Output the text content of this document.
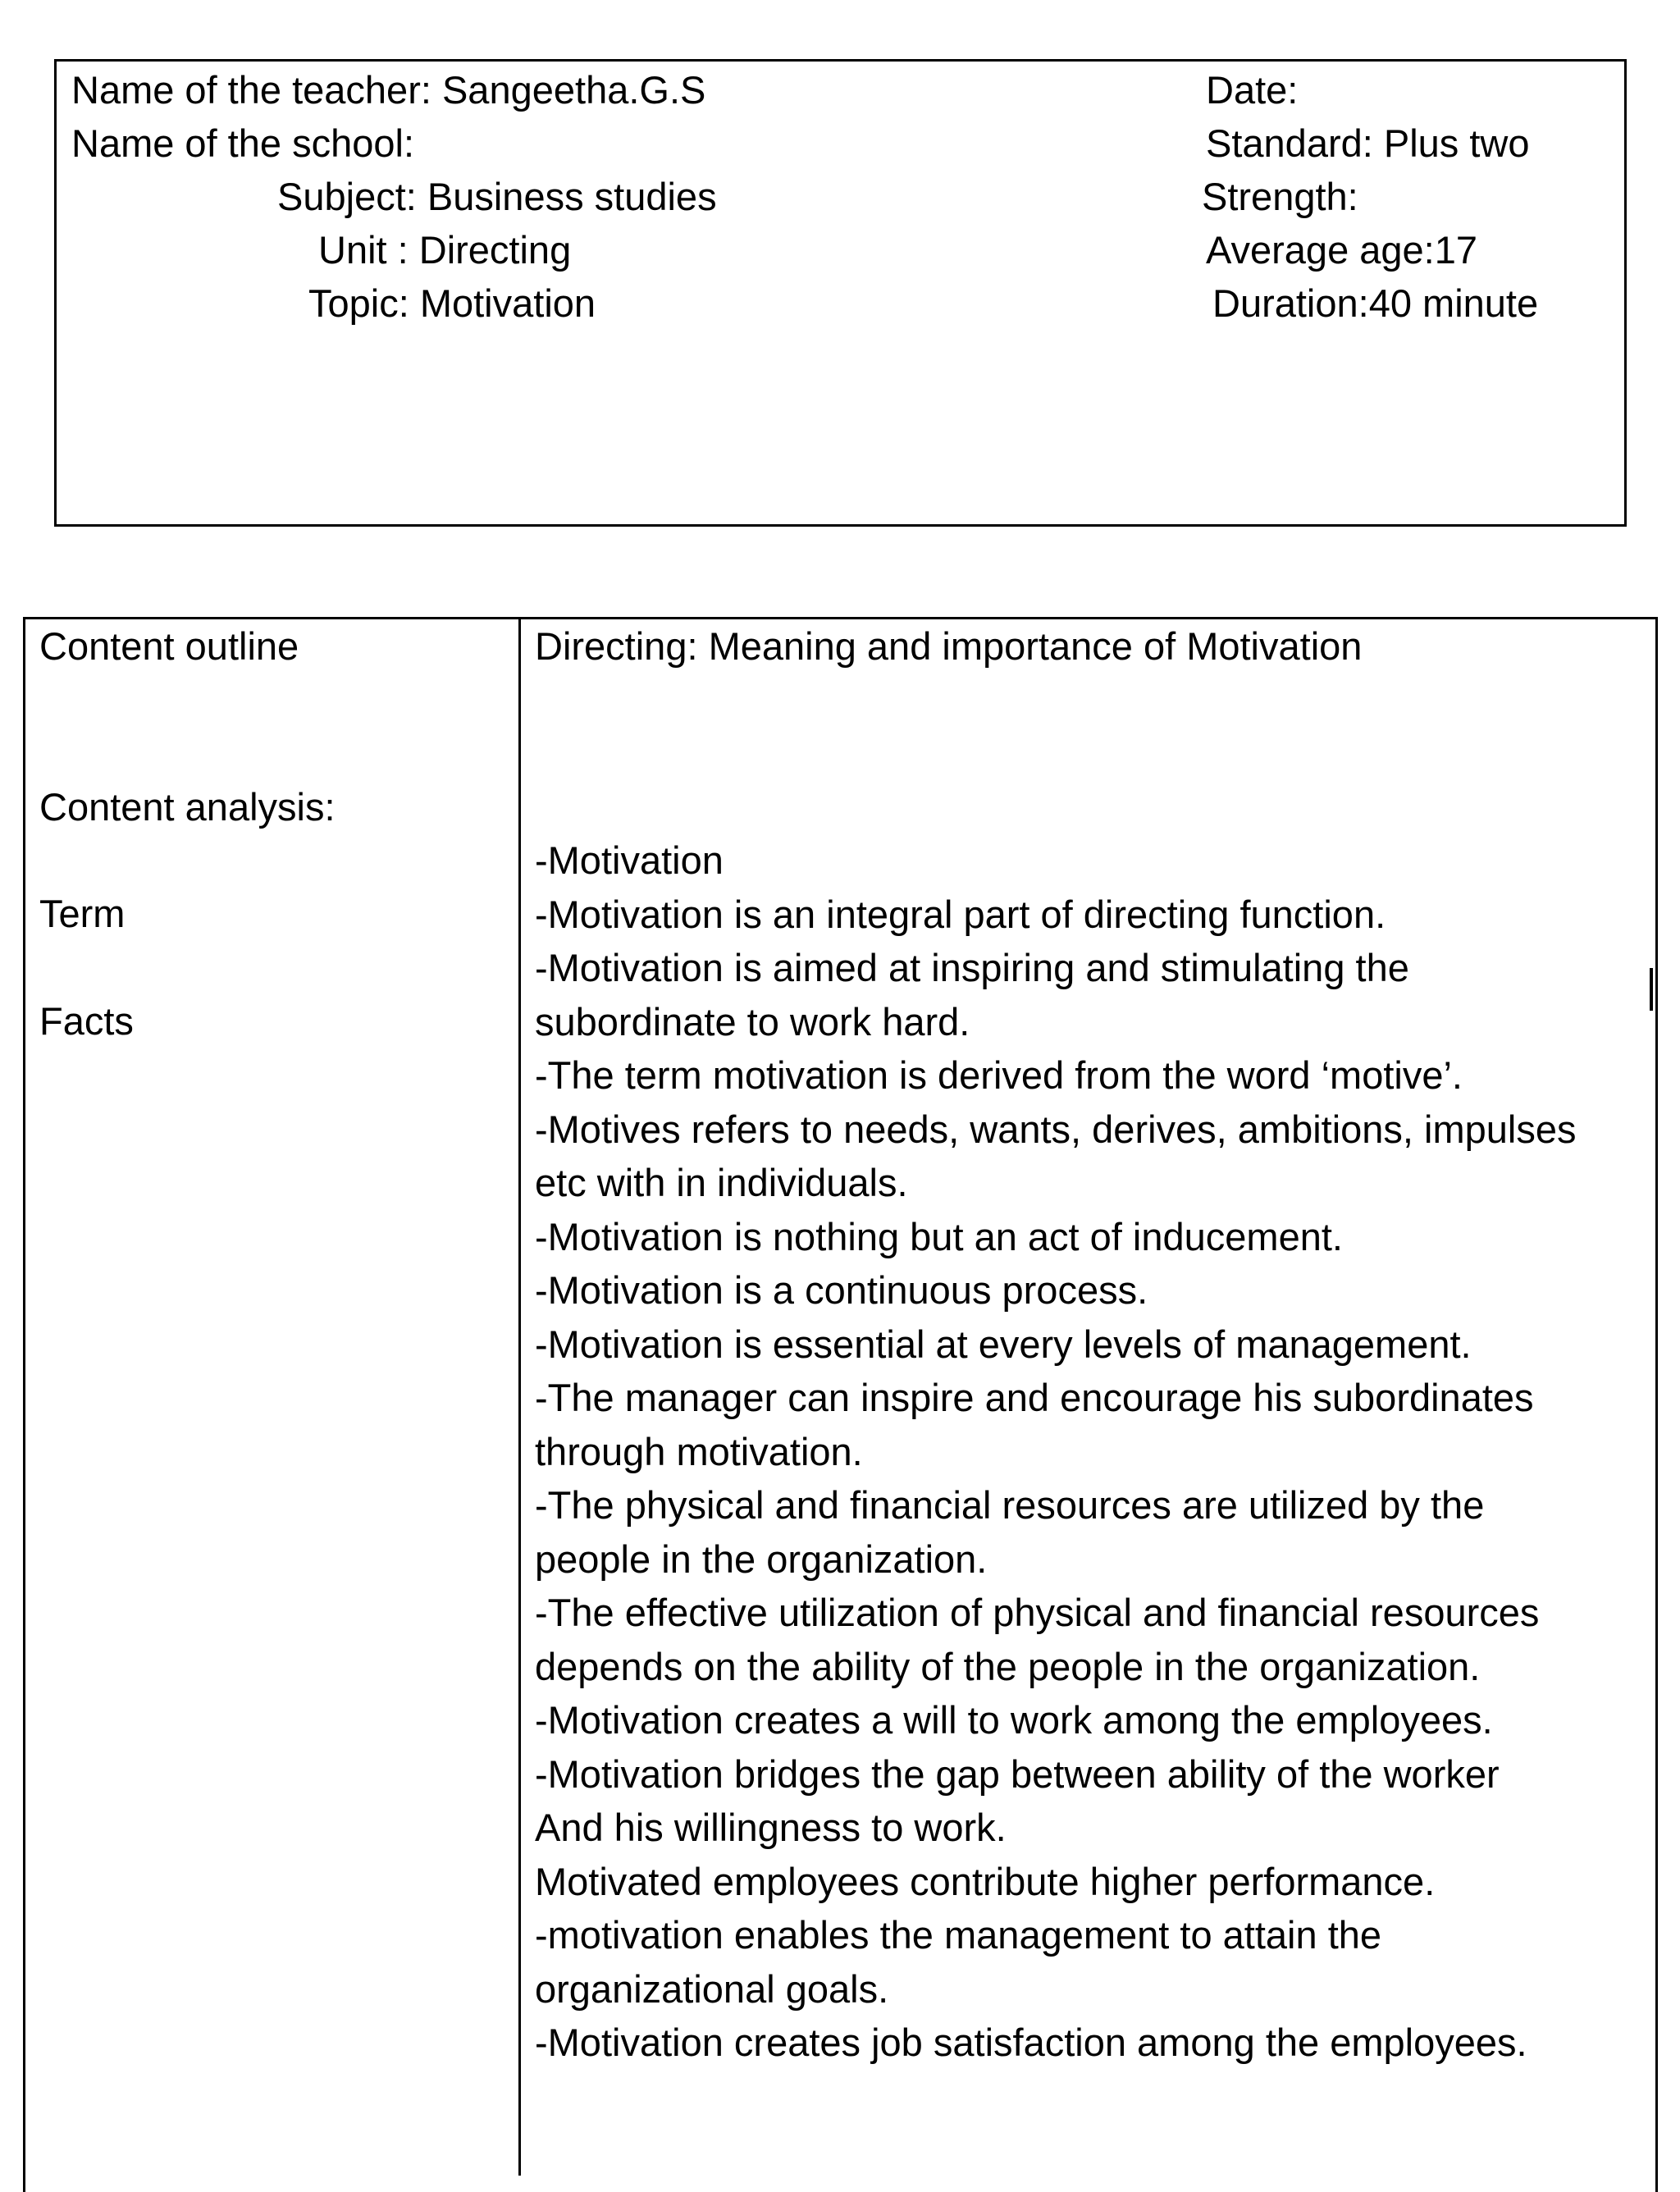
Name of the teacher: Sangeetha.G.S
Name of the school:
Subject: Business studies
Unit : Directing
Topic: Motivation
Date:
Standard: Plus two
Strength:
Average age:17
Duration:40 minute
Content outline
Content analysis:
Term
Facts
Directing: Meaning and importance of Motivation
-Motivation
-Motivation is an integral part of directing function.
-Motivation is aimed at inspiring and stimulating the
subordinate to work hard.
-The term motivation is derived from the word ‘motive’.
-Motives refers to needs, wants, derives, ambitions, impulses
etc with in individuals.
-Motivation is nothing but an act of inducement.
-Motivation is a continuous process.
-Motivation is essential at every levels of management.
-The manager can inspire and encourage his subordinates
through motivation.
-The physical and financial resources are utilized by the
people in the organization.
-The effective utilization of physical and financial resources
depends on the ability of the people in the organization.
-Motivation creates a will to work among the employees.
-Motivation bridges the gap between ability of the worker
And his willingness to work.
Motivated employees contribute higher performance.
-motivation enables the management to attain the
organizational goals.
-Motivation creates job satisfaction among the employees.
